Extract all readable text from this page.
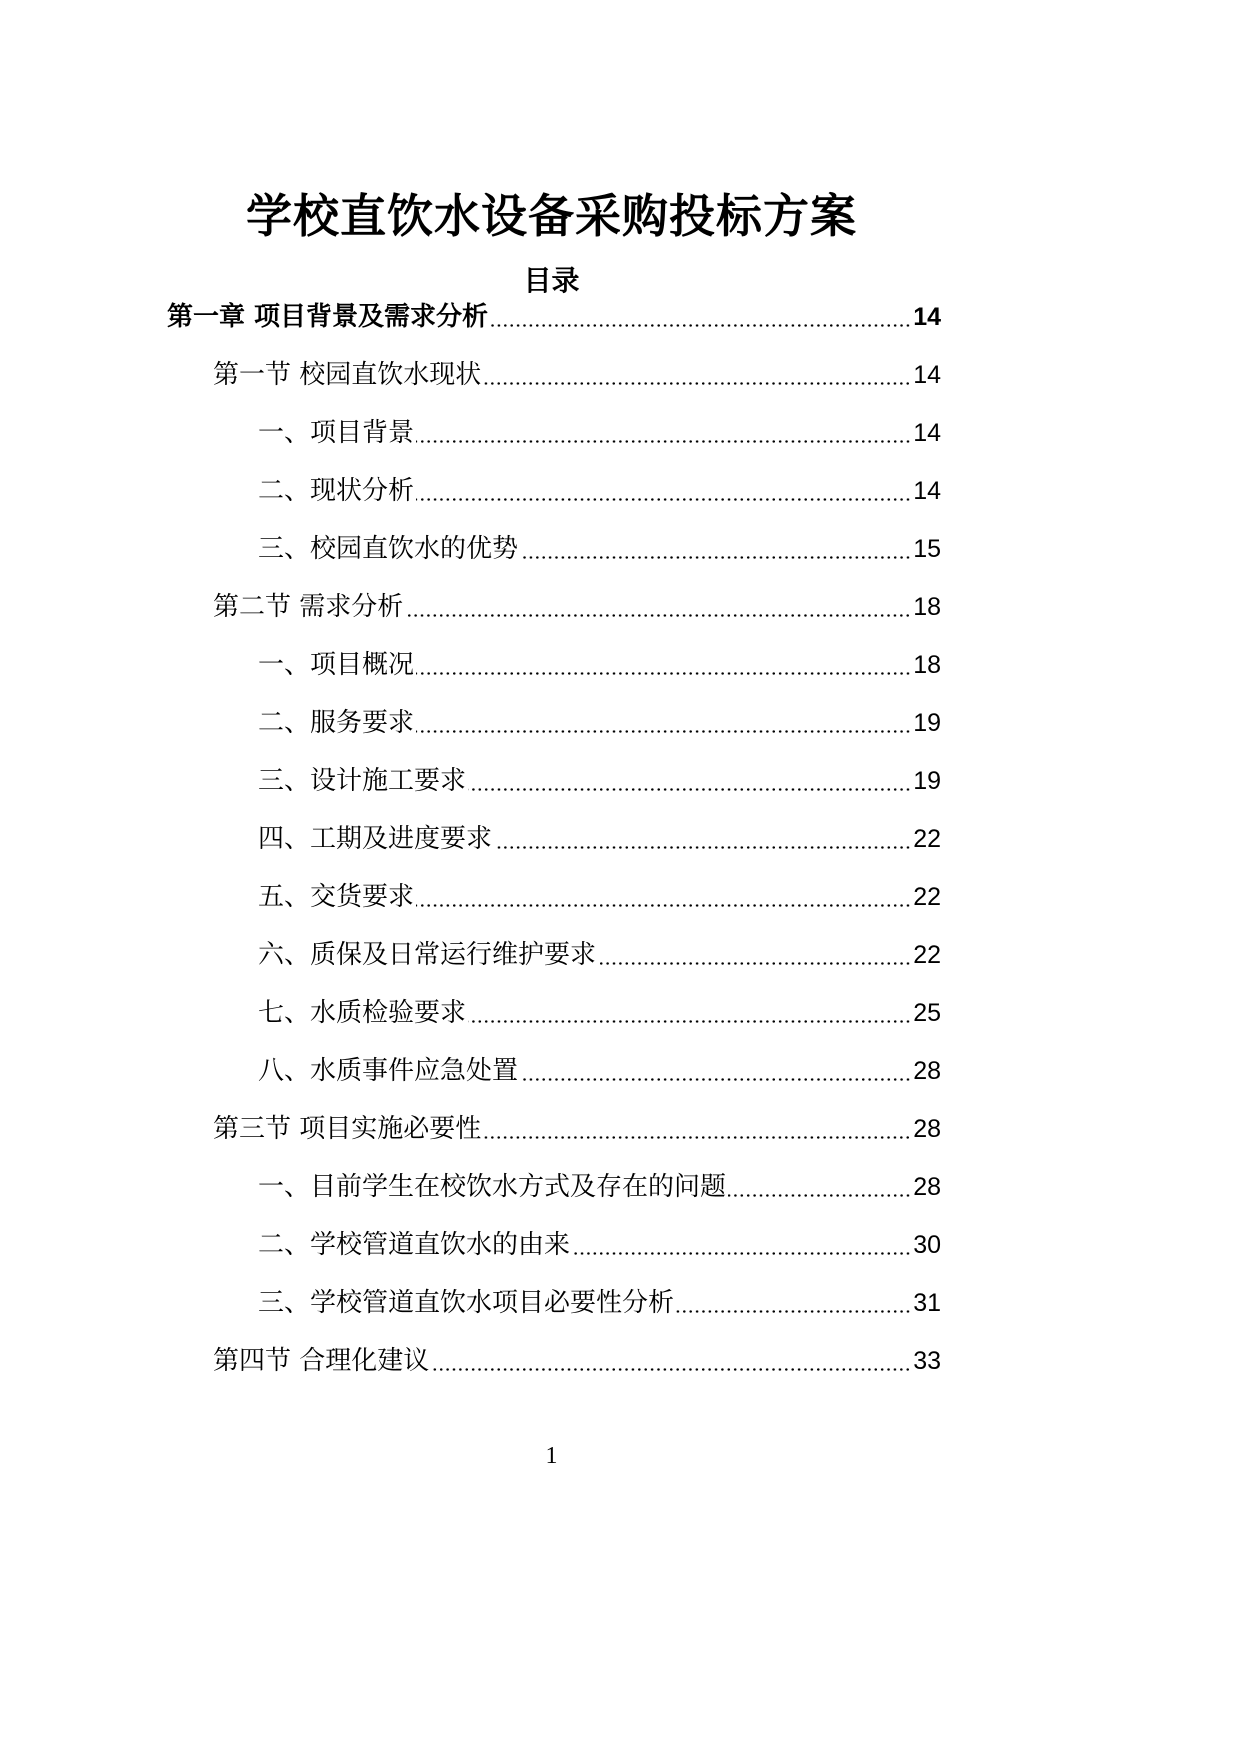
学校直饮水设备采购投标方案
目录
第一章 项目背景及需求分析	14
第一节 校园直饮水现状	14
一、项目背景	14
二、现状分析	14
三、校园直饮水的优势	15
第二节 需求分析	18
一、项目概况	18
二、服务要求	19
三、设计施工要求	19
四、工期及进度要求	22
五、交货要求	22
六、质保及日常运行维护要求	22
七、水质检验要求	25
八、水质事件应急处置	28
第三节 项目实施必要性	28
一、目前学生在校饮水方式及存在的问题	28
二、学校管道直饮水的由来	30
三、学校管道直饮水项目必要性分析	31
第四节 合理化建议	33
1
